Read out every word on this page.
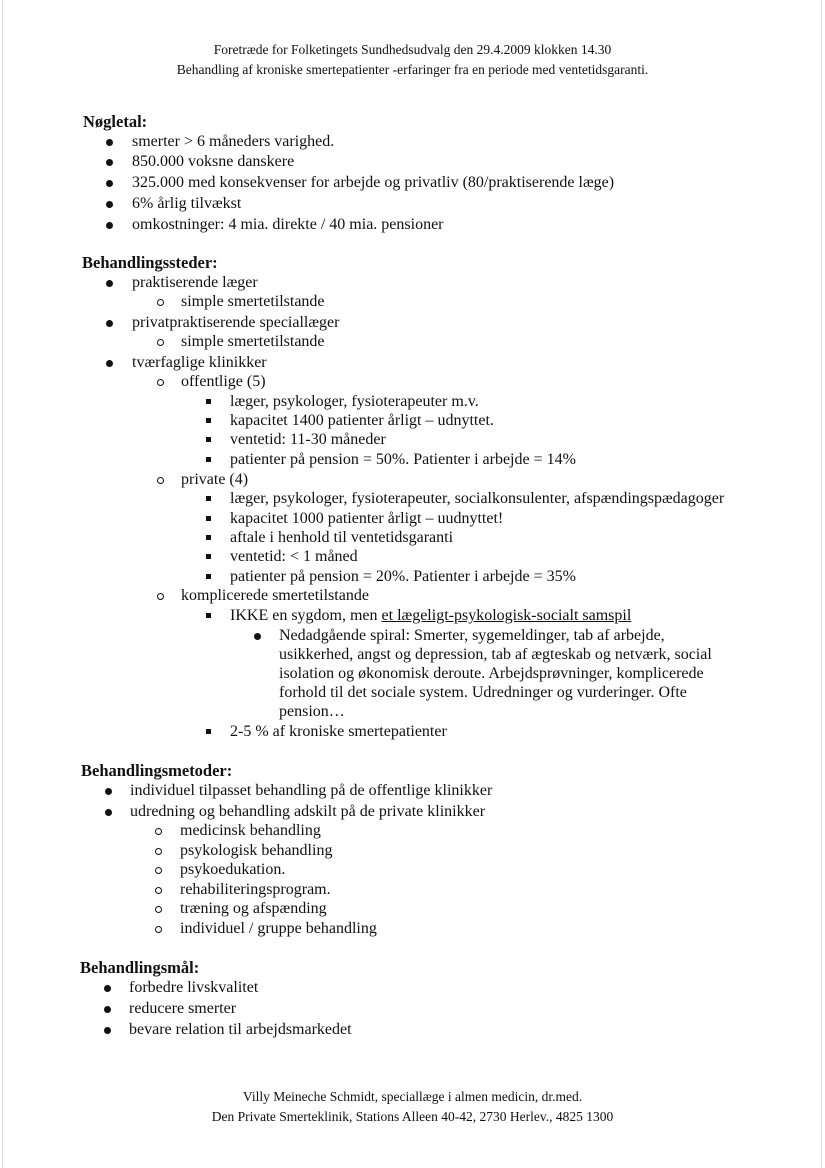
Foretræde for Folketingets Sundhedsudvalg den 29.4.2009 klokken 14.30
Behandling af kroniske smertepatienter -erfaringer fra en periode med ventetidsgaranti.
Nøgletal:
smerter > 6 måneders varighed.
850.000 voksne danskere
325.000 med konsekvenser for arbejde og privatliv (80/praktiserende læge)
6% årlig tilvækst
omkostninger: 4 mia. direkte / 40 mia. pensioner
Behandlingssteder:
praktiserende læger
simple smertetilstande
privatpraktiserende speciallæger
simple smertetilstande
tværfaglige klinikker
offentlige (5)
læger, psykologer, fysioterapeuter m.v.
kapacitet 1400 patienter årligt – udnyttet.
ventetid: 11-30 måneder
patienter på pension = 50%. Patienter i arbejde = 14%
private (4)
læger, psykologer, fysioterapeuter, socialkonsulenter, afspændingspædagoger
kapacitet 1000 patienter årligt – uudnyttet!
aftale i henhold til ventetidsgaranti
ventetid: < 1 måned
patienter på pension = 20%. Patienter i arbejde = 35%
komplicerede smertetilstande
IKKE en sygdom, men et lægeligt-psykologisk-socialt samspil
Nedadgående spiral: Smerter, sygemeldinger, tab af arbejde,
usikkerhed, angst og depression, tab af ægteskab og netværk, social
isolation og økonomisk deroute. Arbejdsprøvninger, komplicerede
forhold til det sociale system. Udredninger og vurderinger. Ofte
pension…
2-5 % af kroniske smertepatienter
Behandlingsmetoder:
individuel tilpasset behandling på de offentlige klinikker
udredning og behandling adskilt på de private klinikker
medicinsk behandling
psykologisk behandling
psykoedukation.
rehabiliteringsprogram.
træning og afspænding
individuel / gruppe behandling
Behandlingsmål:
forbedre livskvalitet
reducere smerter
bevare relation til arbejdsmarkedet
Villy Meineche Schmidt, speciallæge i almen medicin, dr.med.
Den Private Smerteklinik, Stations Alleen 40-42, 2730 Herlev., 4825 1300
